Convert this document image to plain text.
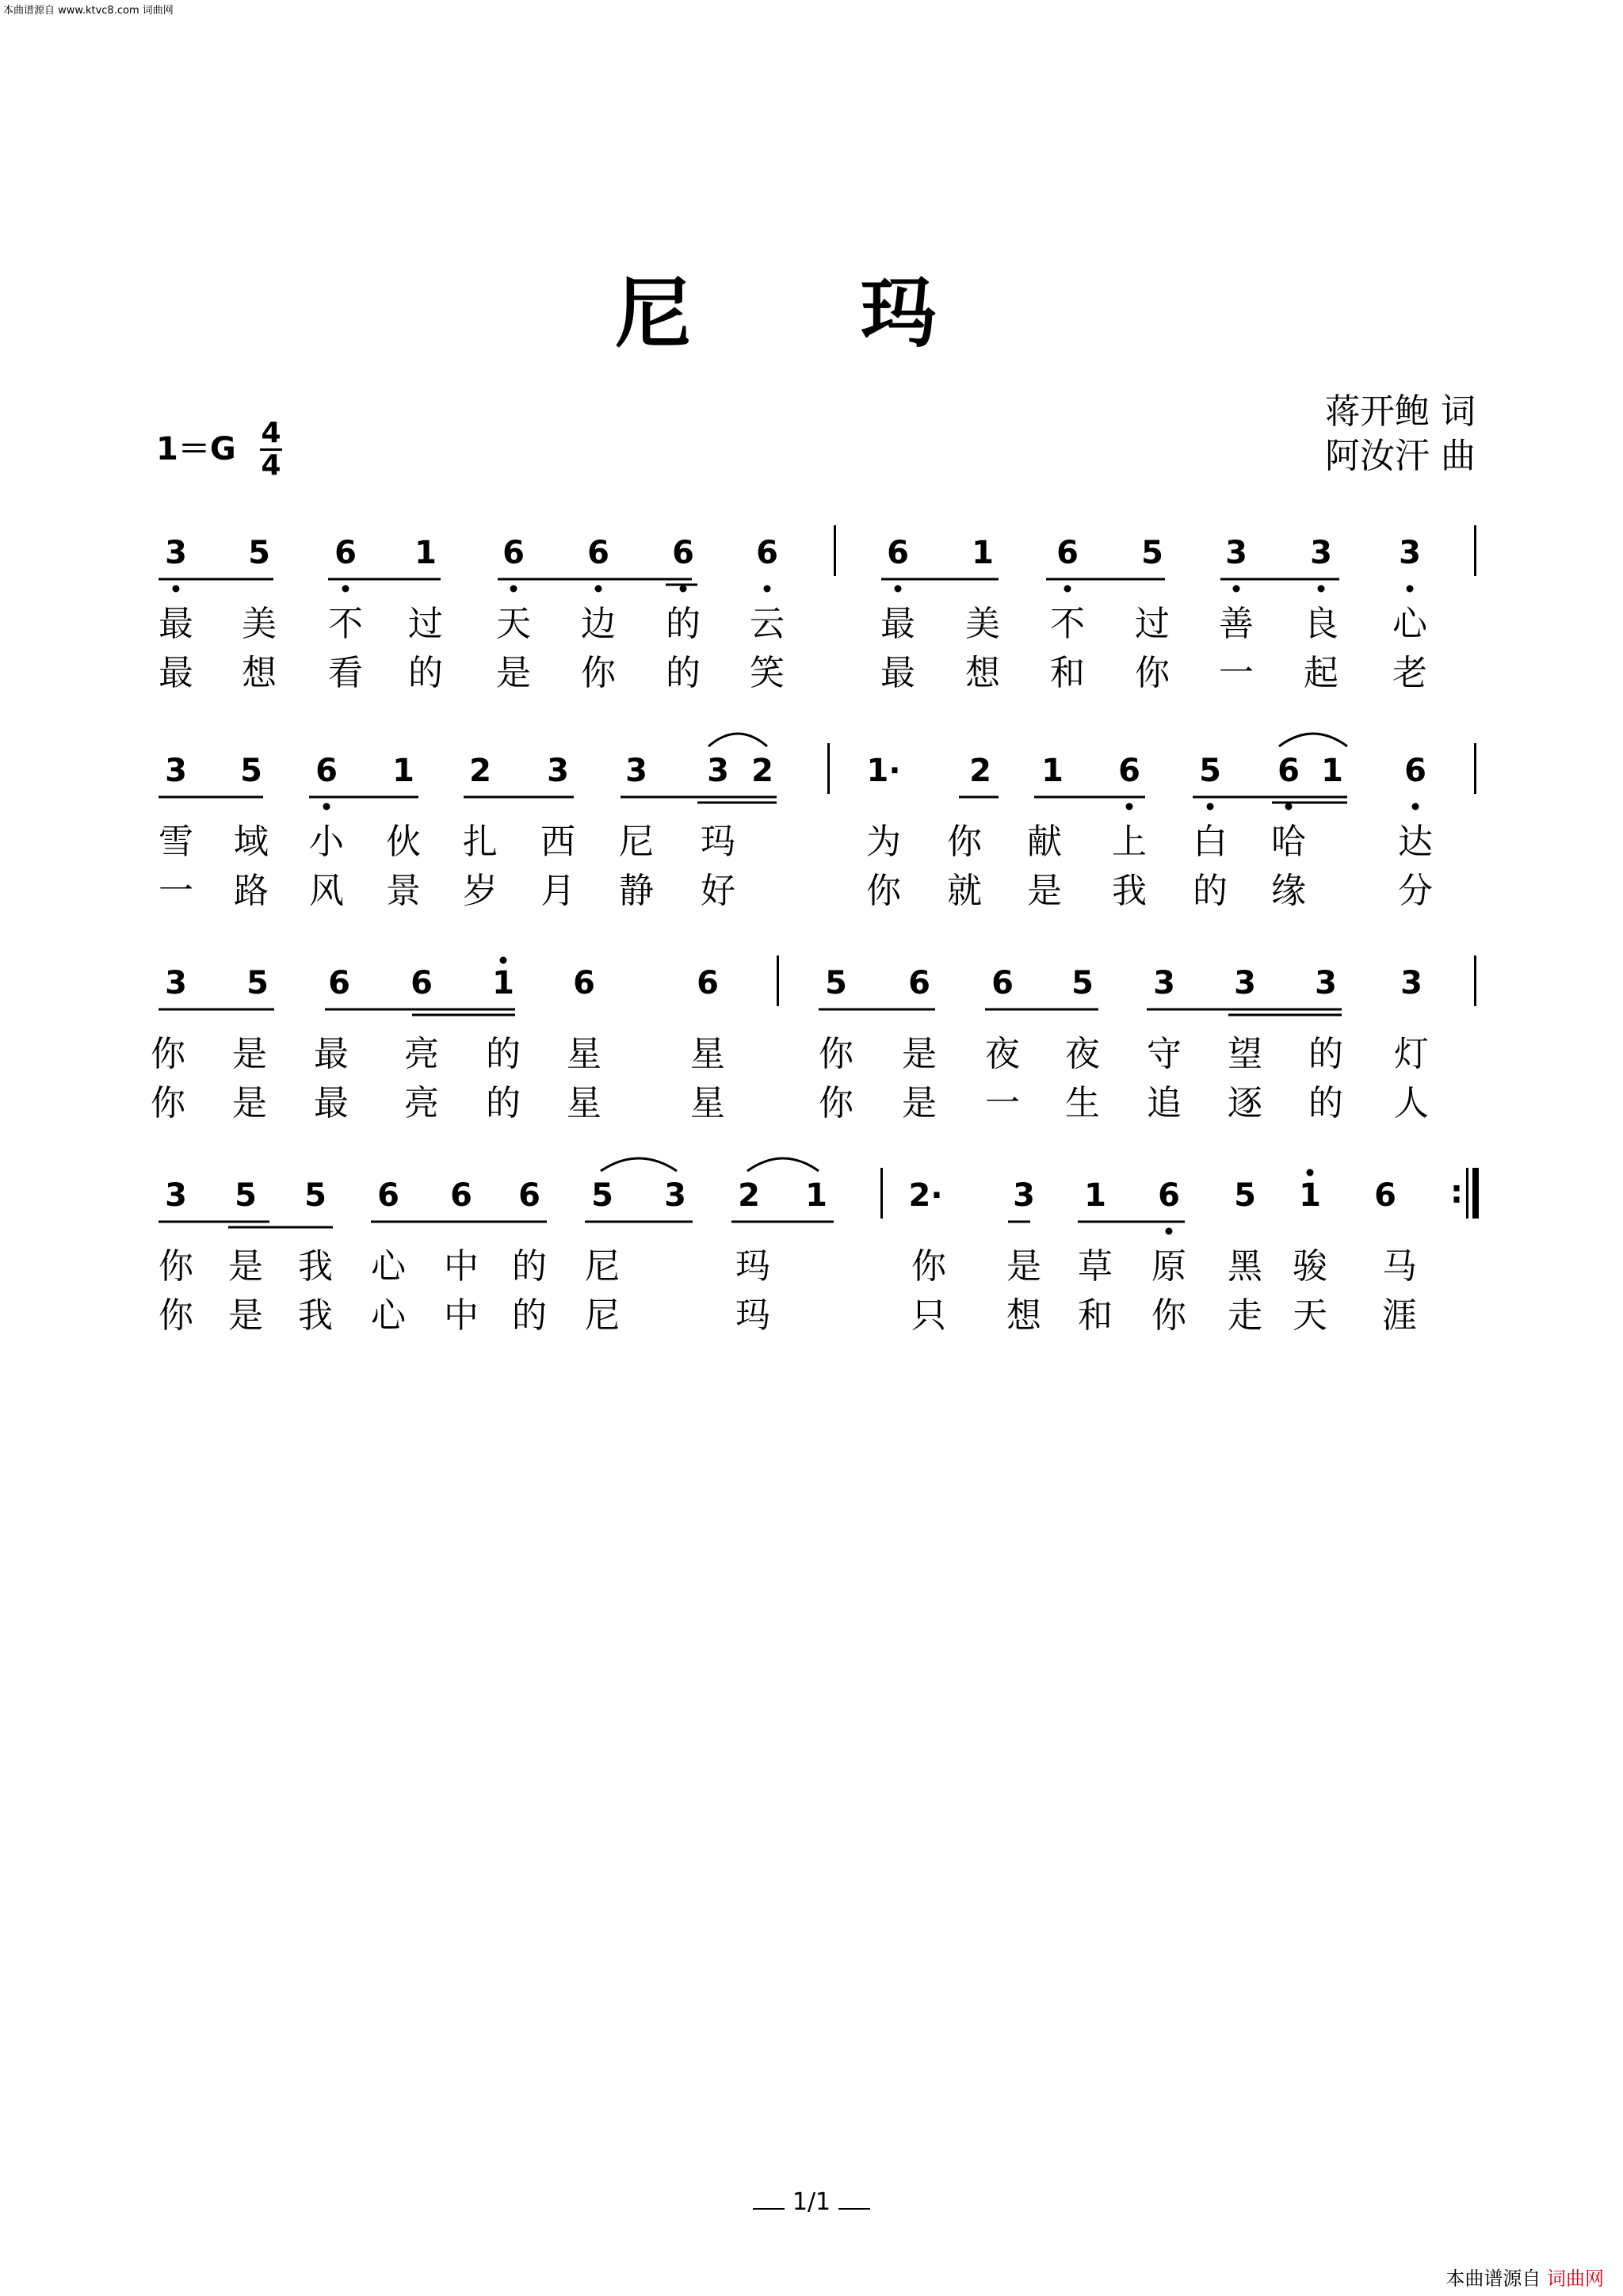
本曲谱源自 www.ktvc8.com 词曲网
尼 玛
蒋开鲍 词
阿汝汗 曲
1＝G 4
4
3 5 6 1 6 6 6 6	6 1 6 5 3 3 3
最 美 不 过 天 边 的 云	最 美 不 过 善 良 心
最 想 看 的 是 你 的 笑	最 想 和 你 一 起 老
3 5 6 1 2 3 3 3 2	1· 2 1 6 5 6 1 6
雪 域 小 伙 扎 西 尼 玛	为 你 献 上 白 哈	达
一 路 风 景 岁 月 静 好	你 就 是 我 的 缘	分
3 5 6 6 1 6	6	5 6 6 5 3 3 3 3
你 是 最 亮 的 星	星	你 是 夜 夜 守 望 的 灯
你 是 最 亮 的 星	星	你 是 一 生 追 逐 的 人
3 5 5 6 6 6 5 3 2 1	2· 3 1 6 5 1 6 :
你 是 我 心 中 的 尼	玛	你 是 草 原 黑 骏 马
你 是 我 心 中 的 尼	玛	只 想 和 你 走 天 涯
1/1
本曲谱源自 词曲网
